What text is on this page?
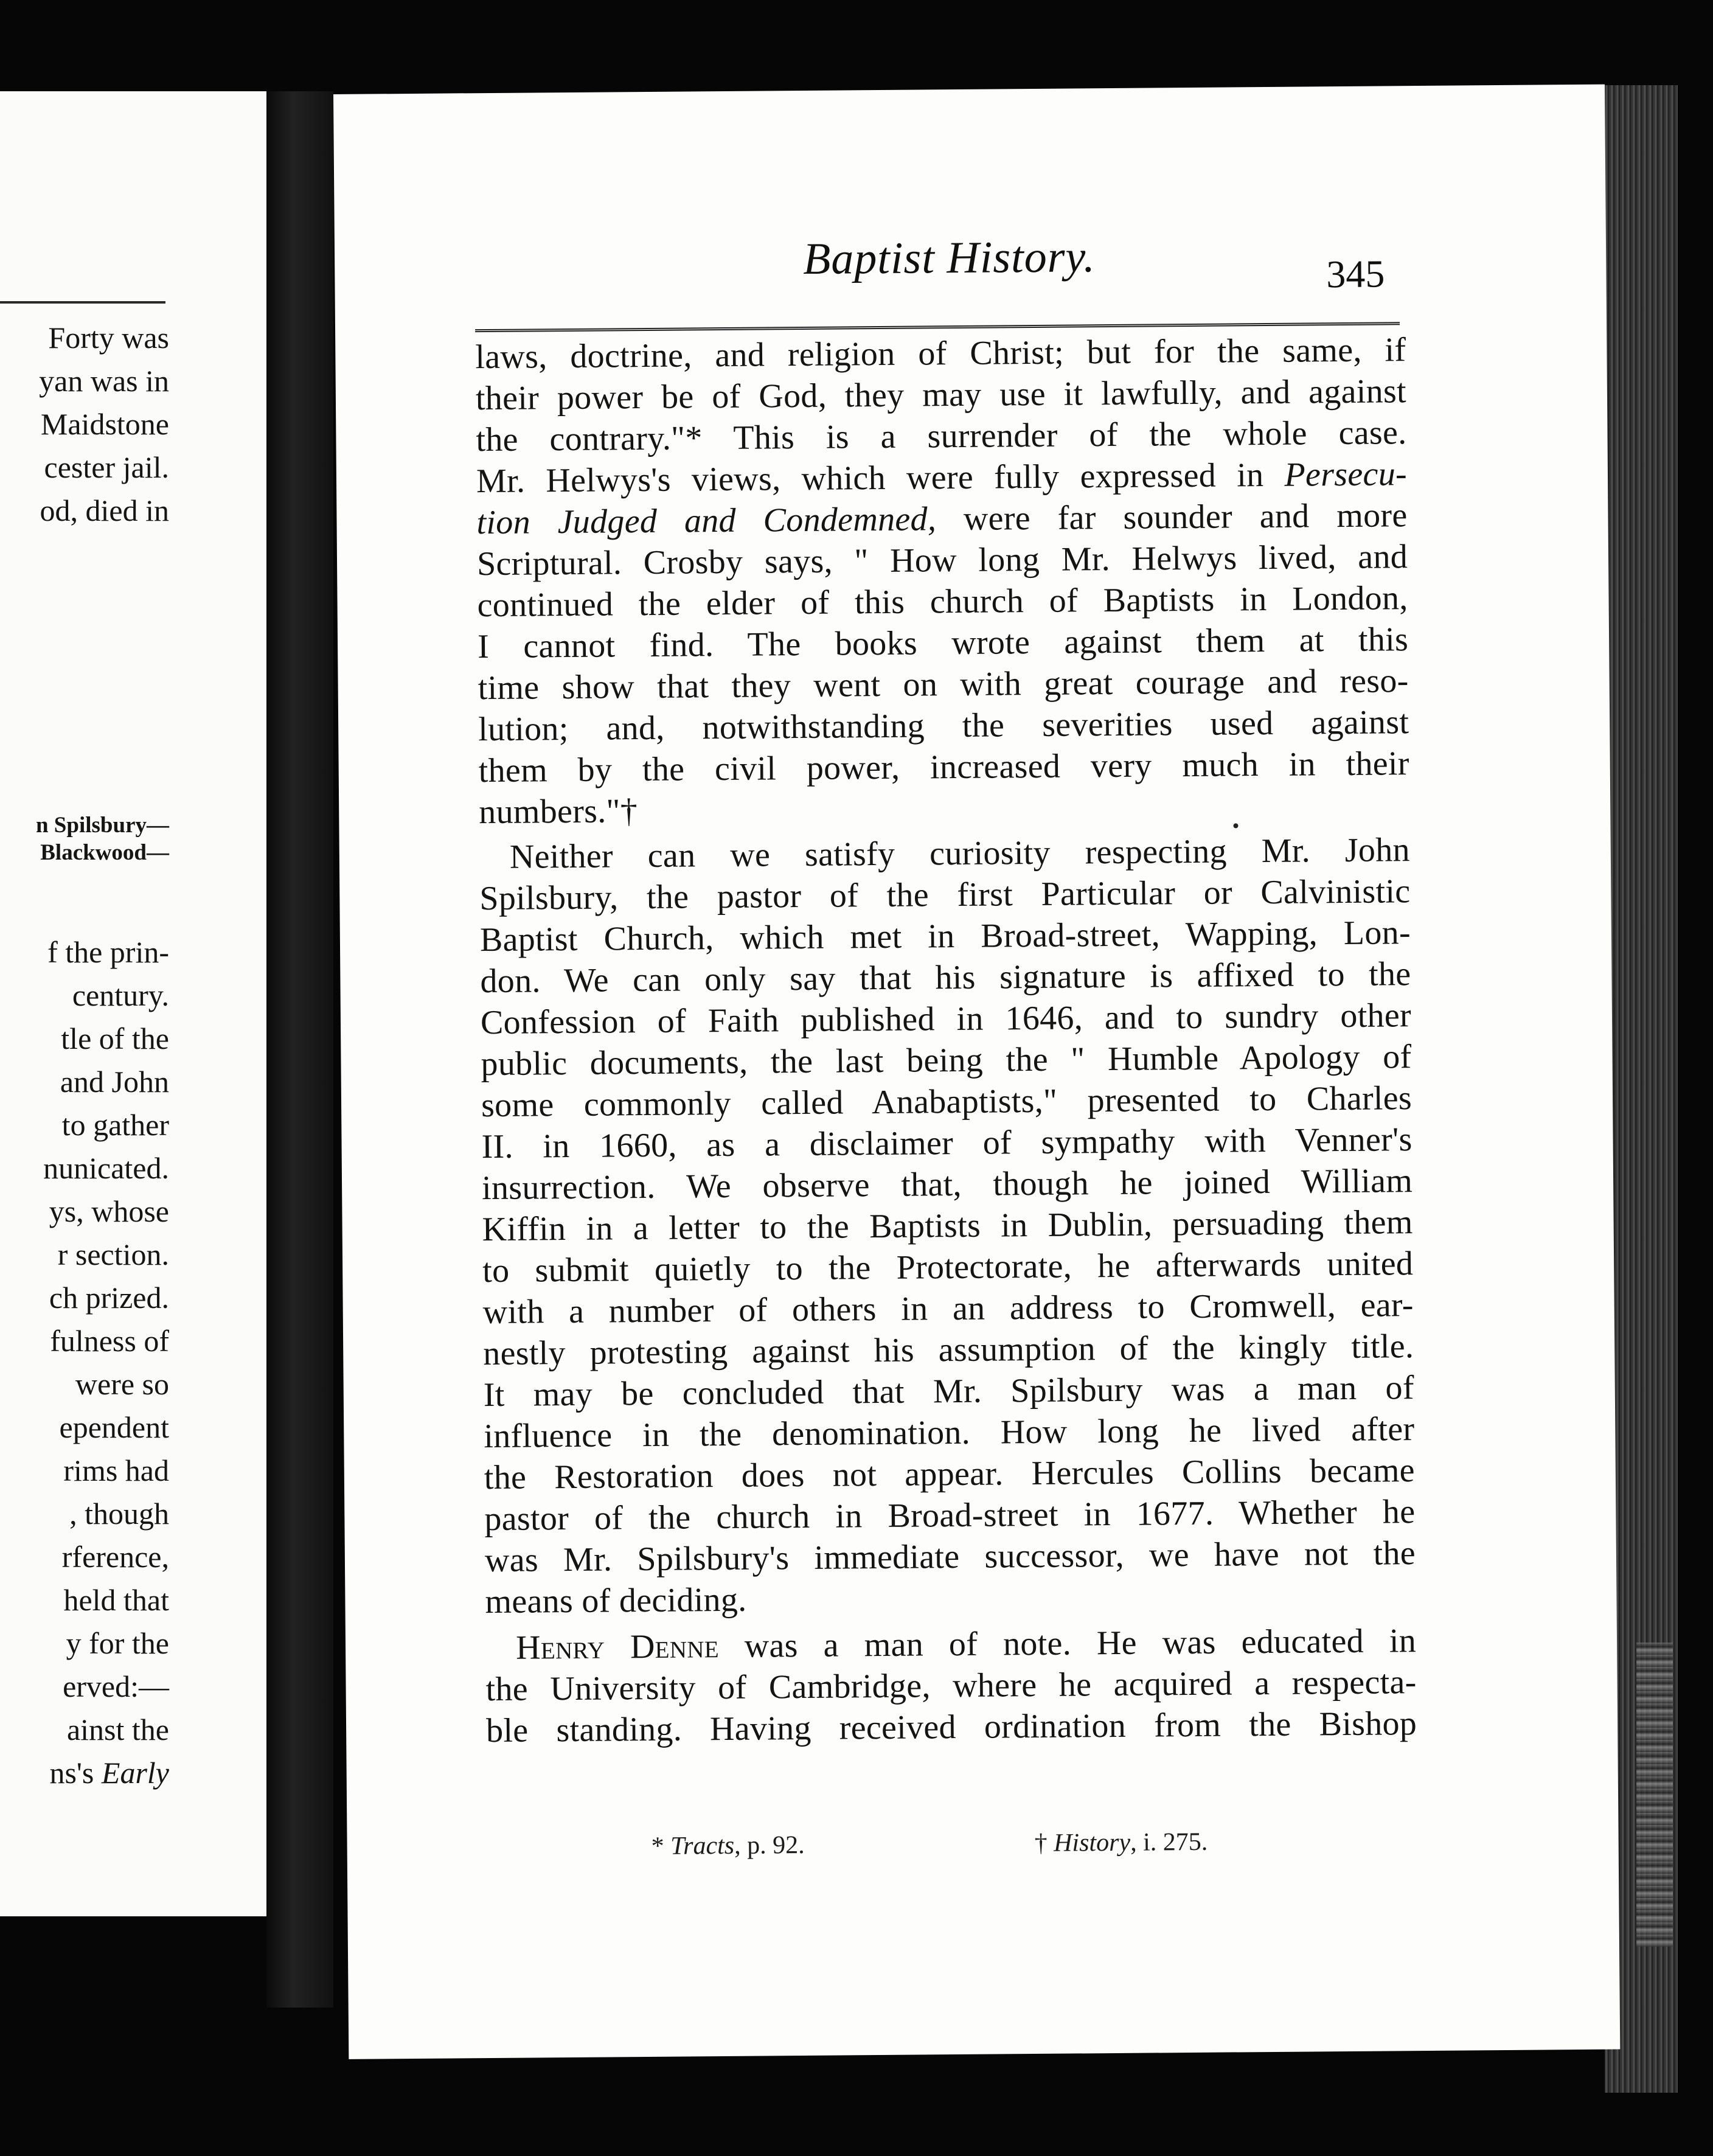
Forty was
yan was in
Maidstone
cester jail.
od, died in
n Spilsbury—
Blackwood—
f the prin-
century.
tle of the
and John
to gather
nunicated.
ys, whose
r section.
ch prized.
fulness of
were so
ependent
rims had
, though
rference,
held that
y for the
erved:—
ainst the
ns's Early
Baptist History.	345
laws, doctrine, and religion of Christ; but for the same, if
their power be of God, they may use it lawfully, and against
the contrary."* This is a surrender of the whole case.
Mr. Helwys's views, which were fully expressed in Persecu-
tion Judged and Condemned, were far sounder and more
Scriptural. Crosby says, " How long Mr. Helwys lived, and
continued the elder of this church of Baptists in London,
I cannot find. The books wrote against them at this
time show that they went on with great courage and reso-
lution; and, notwithstanding the severities used against
them by the civil power, increased very much in their
numbers."†
Neither can we satisfy curiosity respecting Mr. John
Spilsbury, the pastor of the first Particular or Calvinistic
Baptist Church, which met in Broad-street, Wapping, Lon-
don. We can only say that his signature is affixed to the
Confession of Faith published in 1646, and to sundry other
public documents, the last being the " Humble Apology of
some commonly called Anabaptists," presented to Charles
II. in 1660, as a disclaimer of sympathy with Venner's
insurrection. We observe that, though he joined William
Kiffin in a letter to the Baptists in Dublin, persuading them
to submit quietly to the Protectorate, he afterwards united
with a number of others in an address to Cromwell, ear-
nestly protesting against his assumption of the kingly title.
It may be concluded that Mr. Spilsbury was a man of
influence in the denomination. How long he lived after
the Restoration does not appear. Hercules Collins became
pastor of the church in Broad-street in 1677. Whether he
was Mr. Spilsbury's immediate successor, we have not the
means of deciding.
Henry Denne was a man of note. He was educated in
the University of Cambridge, where he acquired a respecta-
ble standing. Having received ordination from the Bishop
* Tracts, p. 92.	† History, i. 275.
